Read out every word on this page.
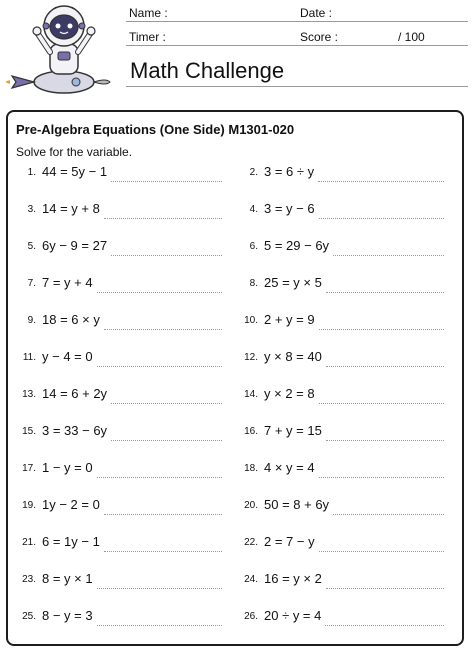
Name :	Date :
Timer :	Score :	/ 100
Math Challenge
Pre-Algebra Equations (One Side) M1301-020
Solve for the variable.
1. 44 = 5y − 1	2. 3 = 6 ÷ y
3. 14 = y + 8	4. 3 = y − 6
5. 6y − 9 = 27	6. 5 = 29 − 6y
7. 7 = y + 4	8. 25 = y × 5
9. 18 = 6 × y	10. 2 + y = 9
11. y − 4 = 0	12. y × 8 = 40
13. 14 = 6 + 2y	14. y × 2 = 8
15. 3 = 33 − 6y	16. 7 + y = 15
17. 1 − y = 0	18. 4 × y = 4
19. 1y − 2 = 0	20. 50 = 8 + 6y
21. 6 = 1y − 1	22. 2 = 7 − y
23. 8 = y × 1	24. 16 = y × 2
25. 8 − y = 3	26. 20 ÷ y = 4
